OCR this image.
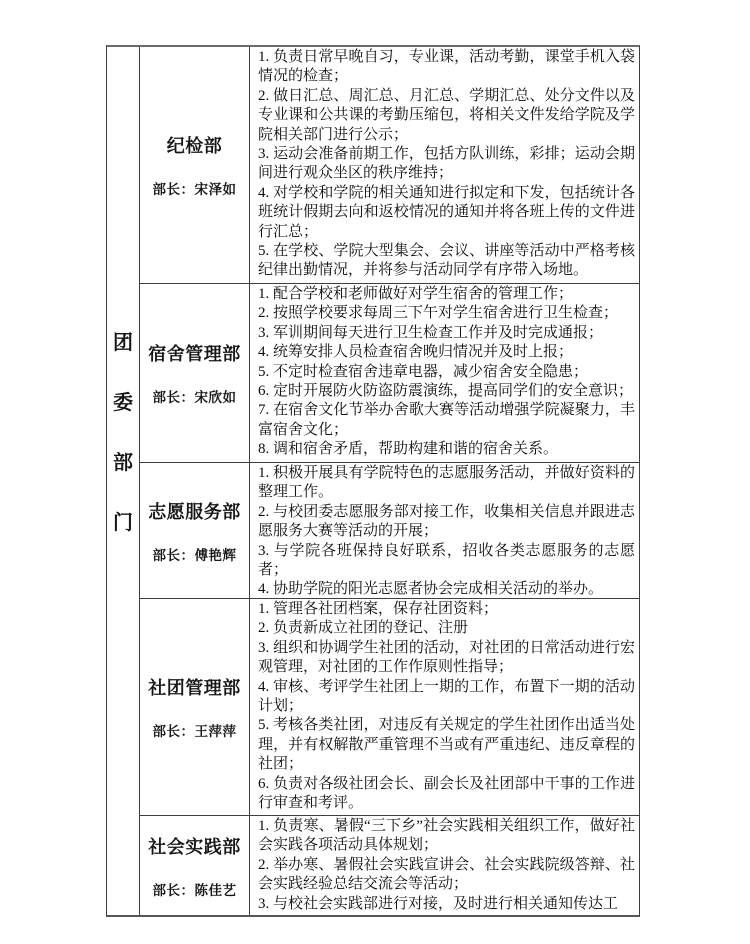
团
委
部
门
纪检部
部长：宋泽如
1. 负责日常早晚自习，专业课，活动考勤，课堂手机入袋情况的检查；
2. 做日汇总、周汇总、月汇总、学期汇总、处分文件以及专业课和公共课的考勤压缩包，将相关文件发给学院及学院相关部门进行公示；
3. 运动会准备前期工作，包括方队训练，彩排；运动会期间进行观众坐区的秩序维持；
4. 对学校和学院的相关通知进行拟定和下发，包括统计各班统计假期去向和返校情况的通知并将各班上传的文件进行汇总；
5. 在学校、学院大型集会、会议、讲座等活动中严格考核纪律出勤情况，并将参与活动同学有序带入场地。
宿舍管理部
部长：宋欣如
1. 配合学校和老师做好对学生宿舍的管理工作；
2. 按照学校要求每周三下午对学生宿舍进行卫生检查；
3. 军训期间每天进行卫生检查工作并及时完成通报；
4. 统筹安排人员检查宿舍晚归情况并及时上报；
5. 不定时检查宿舍违章电器，减少宿舍安全隐患；
6. 定时开展防火防盗防震演练，提高同学们的安全意识；
7. 在宿舍文化节举办舍歌大赛等活动增强学院凝聚力，丰富宿舍文化；
8. 调和宿舍矛盾，帮助构建和谐的宿舍关系。
志愿服务部
部长：傅艳辉
1. 积极开展具有学院特色的志愿服务活动，并做好资料的整理工作。
2. 与校团委志愿服务部对接工作，收集相关信息并跟进志愿服务大赛等活动的开展；
3. 与学院各班保持良好联系，招收各类志愿服务的志愿者；
4. 协助学院的阳光志愿者协会完成相关活动的举办。
社团管理部
部长：王萍萍
1. 管理各社团档案，保存社团资料；
2. 负责新成立社团的登记、注册
3. 组织和协调学生社团的活动，对社团的日常活动进行宏观管理，对社团的工作作原则性指导；
4. 审核、考评学生社团上一期的工作，布置下一期的活动计划；
5. 考核各类社团，对违反有关规定的学生社团作出适当处理，并有权解散严重管理不当或有严重违纪、违反章程的社团；
6. 负责对各级社团会长、副会长及社团部中干事的工作进行审查和考评。
社会实践部
部长：陈佳艺
1. 负责寒、暑假“三下乡”社会实践相关组织工作，做好社会实践各项活动具体规划；
2. 举办寒、暑假社会实践宣讲会、社会实践院级答辩、社会实践经验总结交流会等活动；
3. 与校社会实践部进行对接，及时进行相关通知传达工
